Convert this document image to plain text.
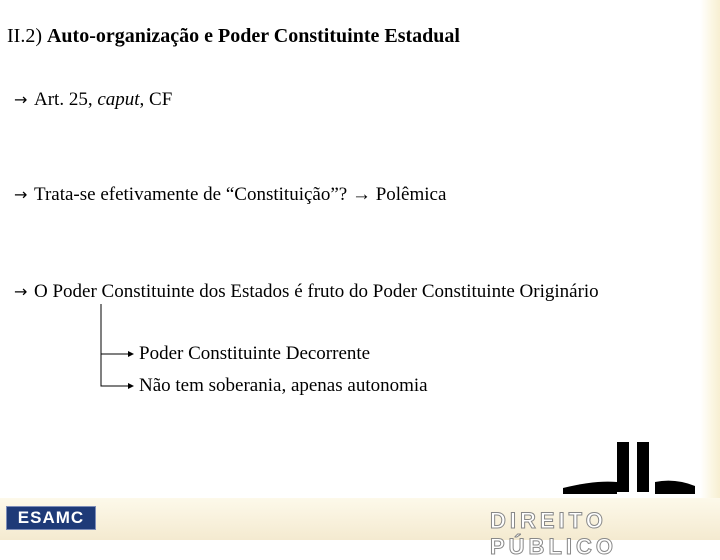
II.2) Auto-organização e Poder Constituinte Estadual
→ Art. 25, caput, CF
→ Trata-se efetivamente de “Constituição”? → Polêmica
→ O Poder Constituinte dos Estados é fruto do Poder Constituinte Originário
Poder Constituinte Decorrente
Não tem soberania, apenas autonomia
ESAMC	DIREITO PÚBLICO
